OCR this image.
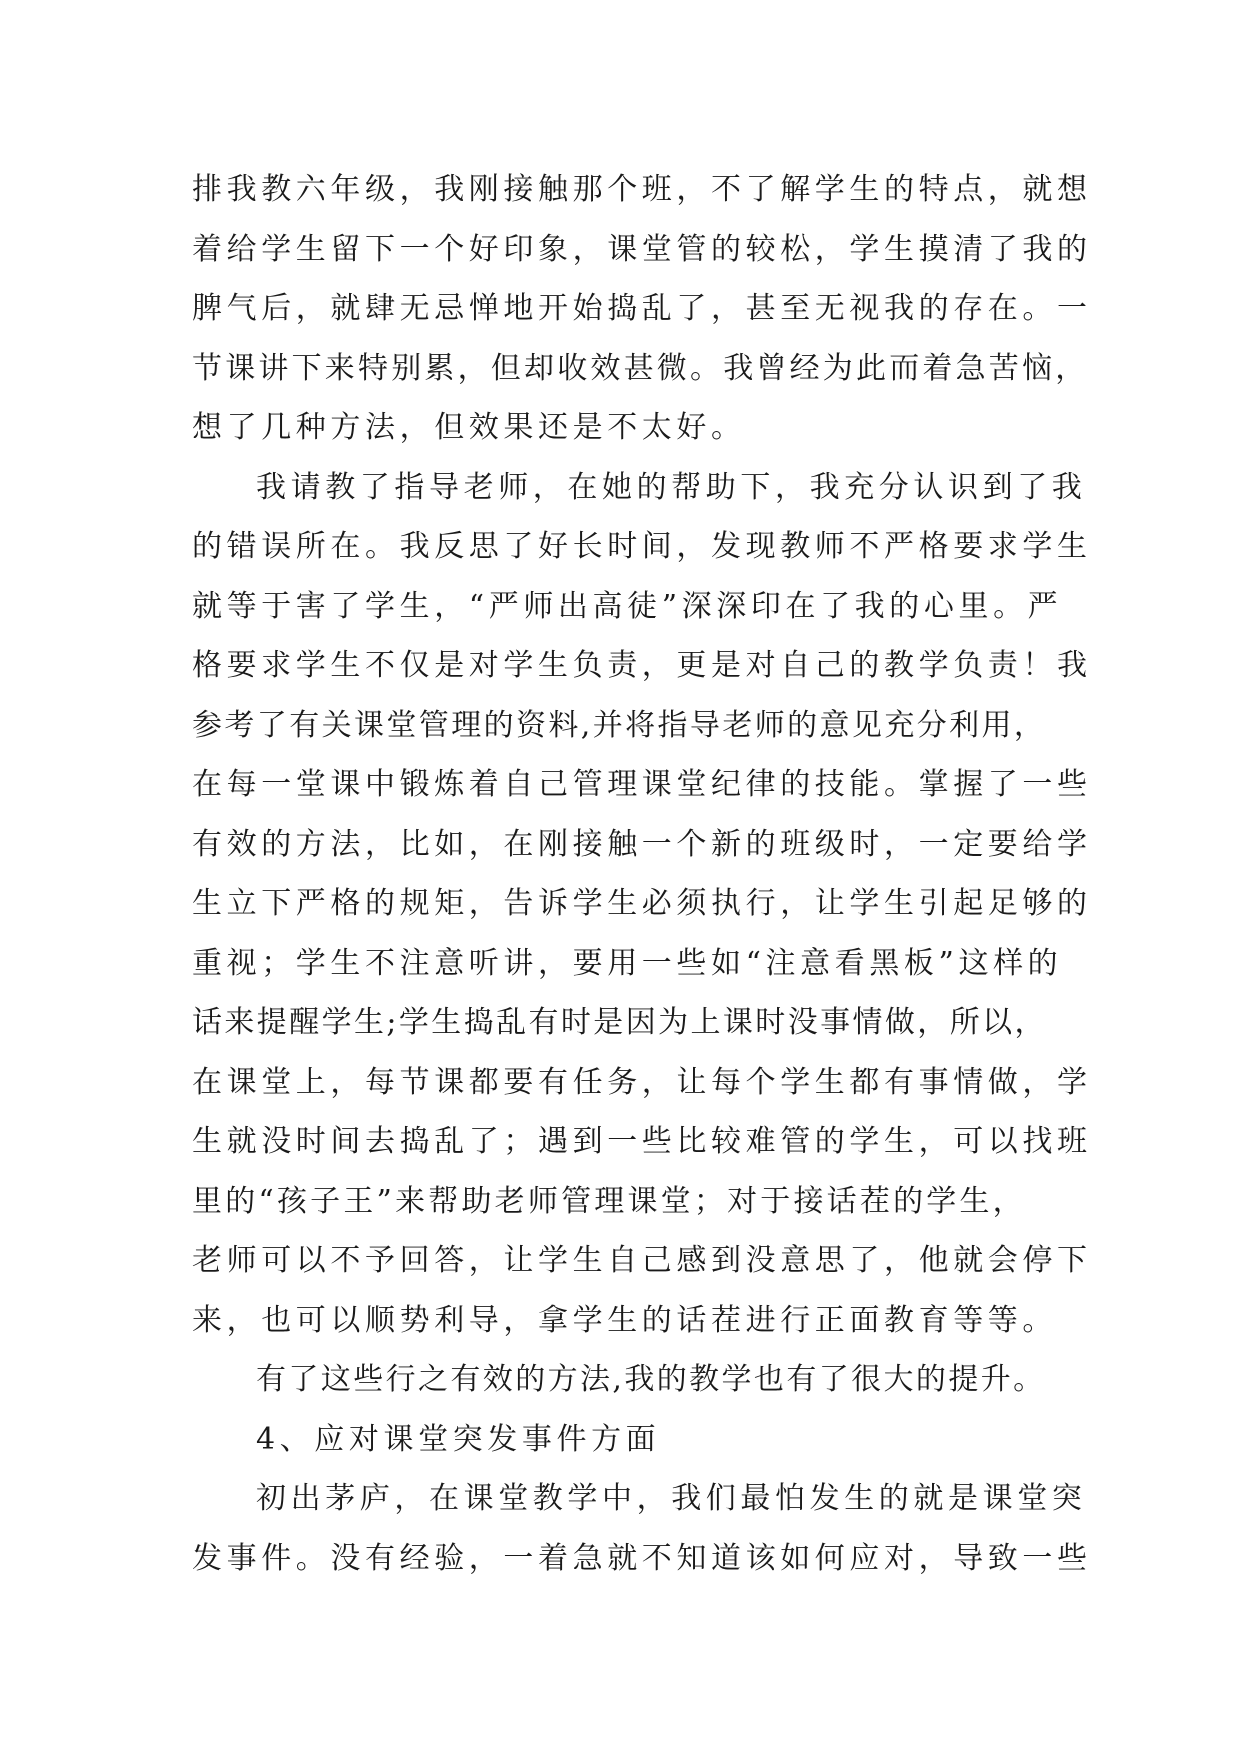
排我教六年级，我刚接触那个班，不了解学生的特点，就想
着给学生留下一个好印象，课堂管的较松，学生摸清了我的
脾气后，就肆无忌惮地开始捣乱了，甚至无视我的存在。一
节课讲下来特别累，但却收效甚微。我曾经为此而着急苦恼，
想了几种方法，但效果还是不太好。
我请教了指导老师，在她的帮助下，我充分认识到了我
的错误所在。我反思了好长时间，发现教师不严格要求学生
就等于害了学生，“严师出高徒”深深印在了我的心里。严
格要求学生不仅是对学生负责，更是对自己的教学负责！我
参考了有关课堂管理的资料,并将指导老师的意见充分利用，
在每一堂课中锻炼着自己管理课堂纪律的技能。掌握了一些
有效的方法，比如，在刚接触一个新的班级时，一定要给学
生立下严格的规矩，告诉学生必须执行，让学生引起足够的
重视；学生不注意听讲，要用一些如“注意看黑板”这样的
话来提醒学生;学生捣乱有时是因为上课时没事情做，所以，
在课堂上，每节课都要有任务，让每个学生都有事情做，学
生就没时间去捣乱了；遇到一些比较难管的学生，可以找班
里的“孩子王”来帮助老师管理课堂；对于接话茬的学生，
老师可以不予回答，让学生自己感到没意思了，他就会停下
来，也可以顺势利导，拿学生的话茬进行正面教育等等。
有了这些行之有效的方法,我的教学也有了很大的提升。
4、应对课堂突发事件方面
初出茅庐，在课堂教学中，我们最怕发生的就是课堂突
发事件。没有经验，一着急就不知道该如何应对，导致一些
